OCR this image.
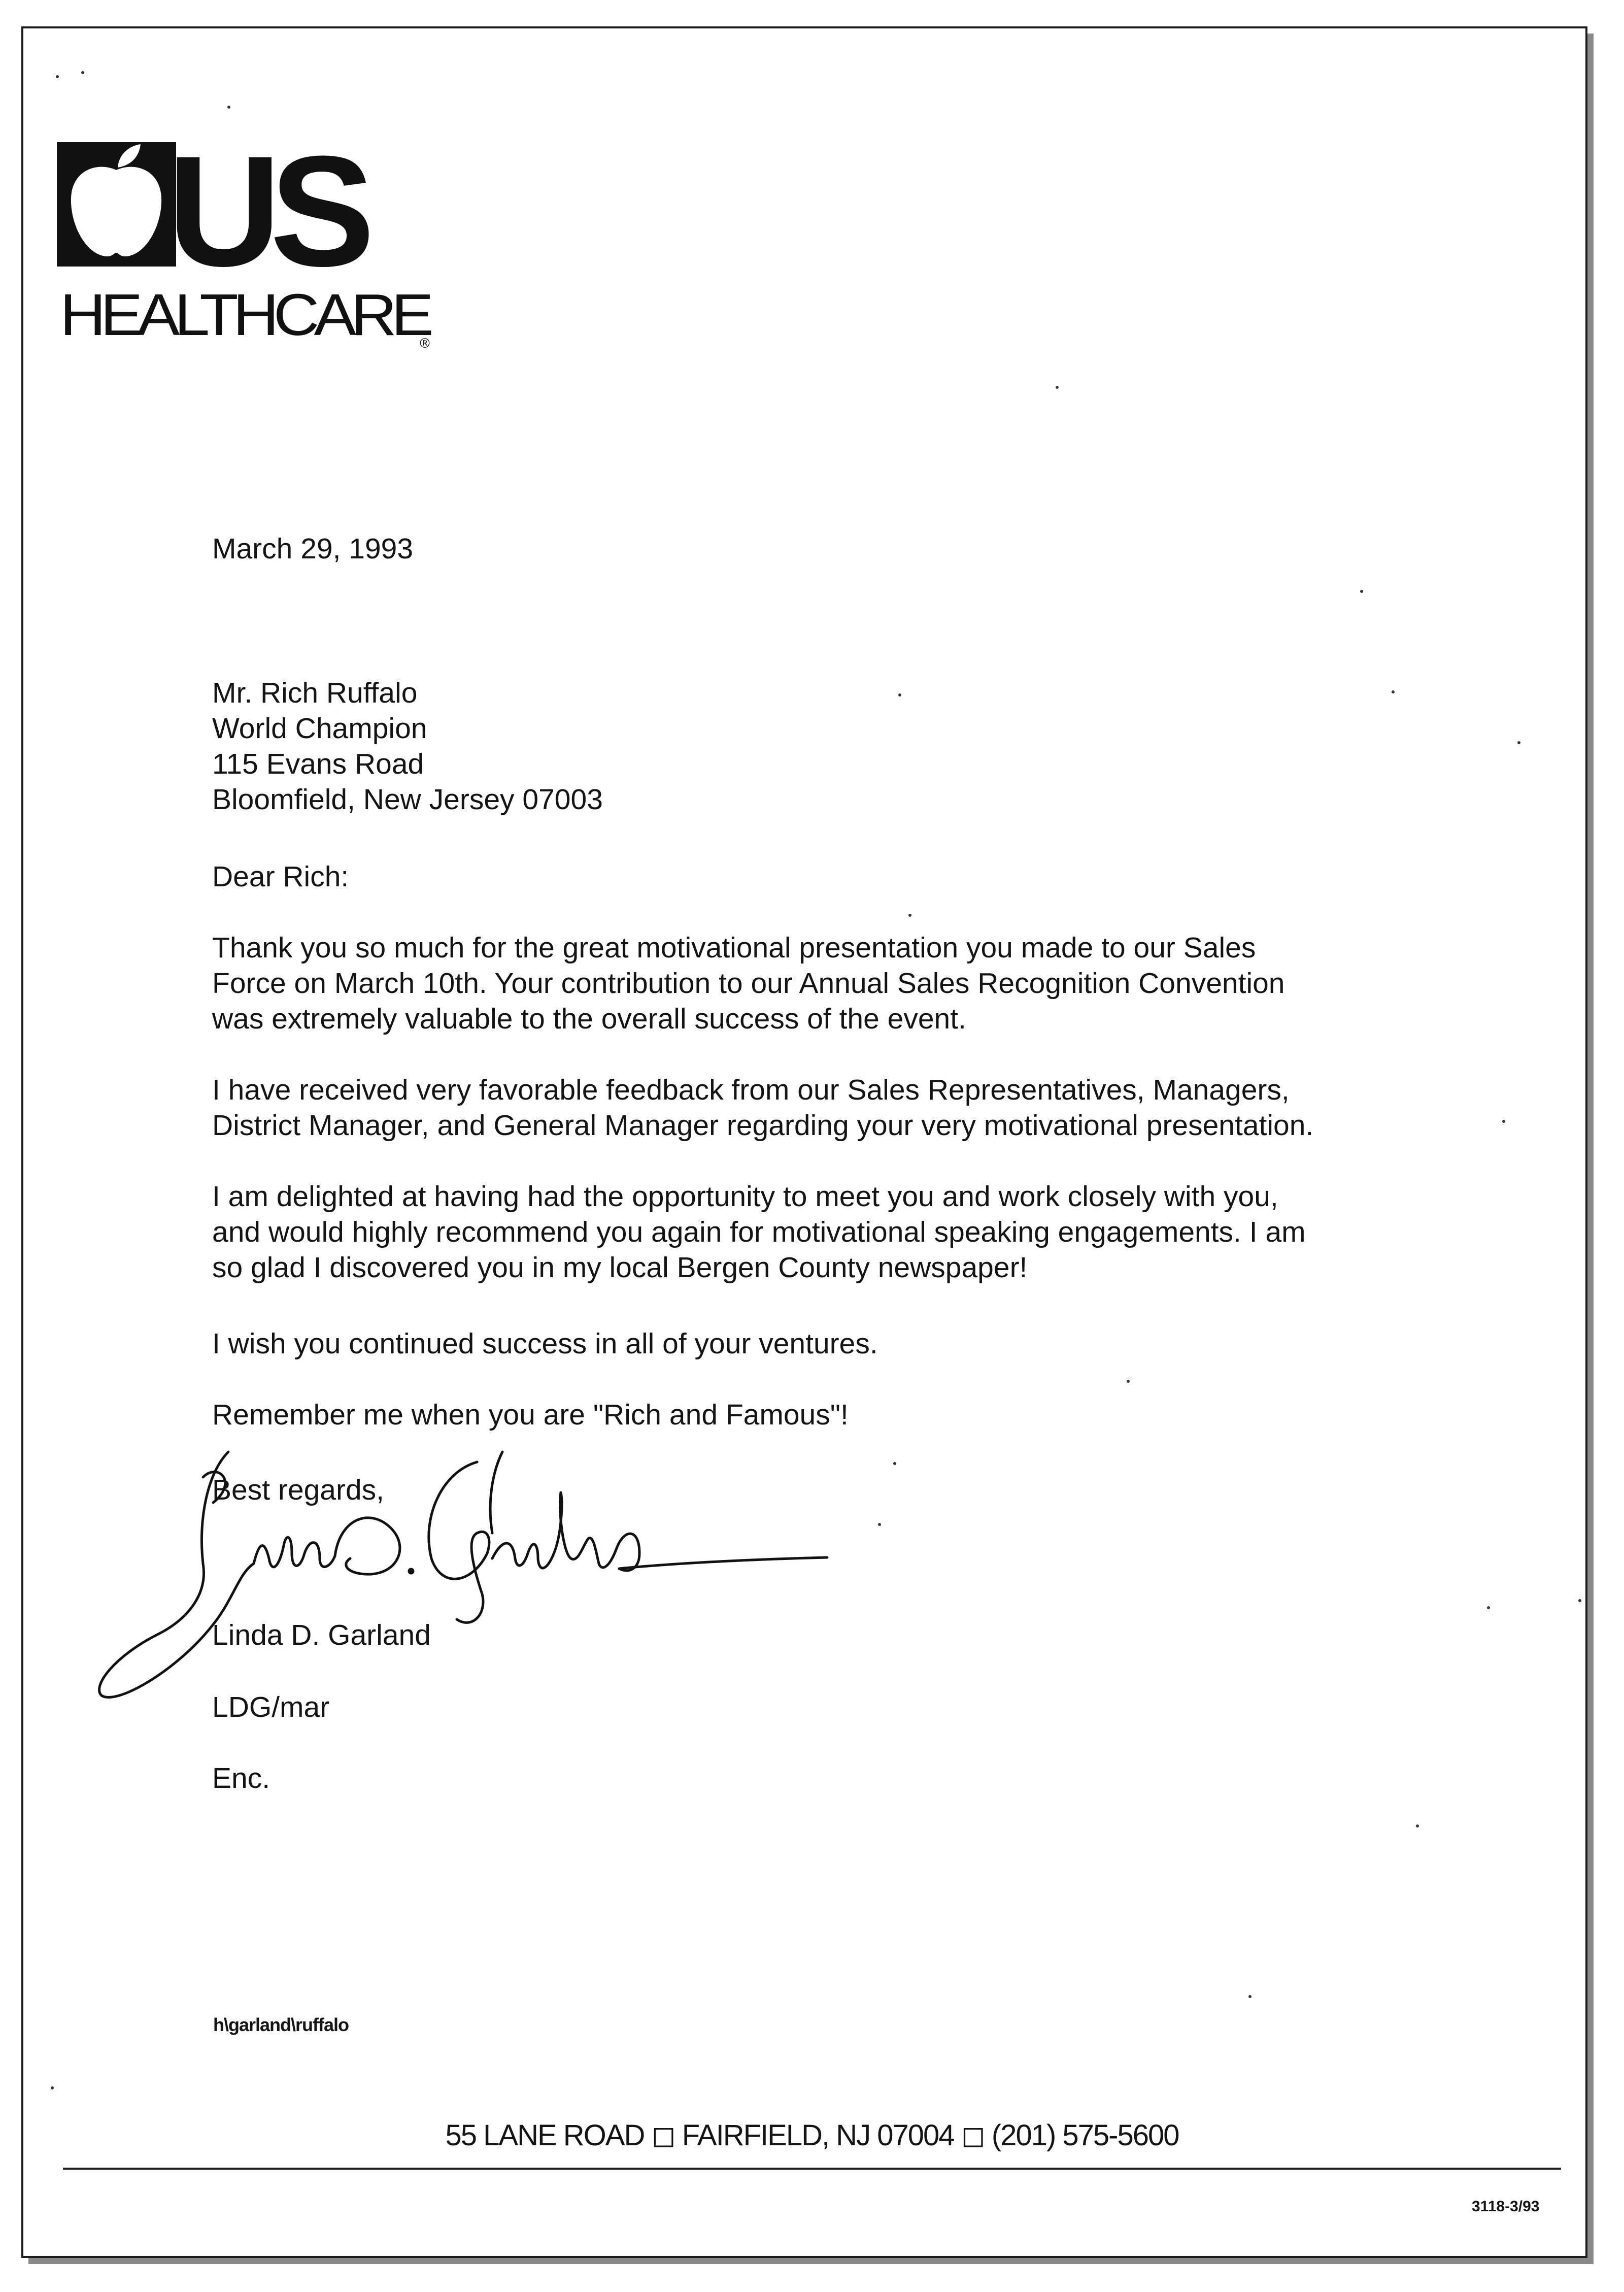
US
HEALTHCARE
®
March 29, 1993
Mr. Rich Ruffalo
World Champion
115 Evans Road
Bloomfield, New Jersey 07003
Dear Rich:
Thank you so much for the great motivational presentation you made to our Sales
Force on March 10th. Your contribution to our Annual Sales Recognition Convention
was extremely valuable to the overall success of the event.
I have received very favorable feedback from our Sales Representatives, Managers,
District Manager, and General Manager regarding your very motivational presentation.
I am delighted at having had the opportunity to meet you and work closely with you,
and would highly recommend you again for motivational speaking engagements. I am
so glad I discovered you in my local Bergen County newspaper!
I wish you continued success in all of your ventures.
Remember me when you are "Rich and Famous"!
Best regards,
Linda D. Garland
LDG/mar
Enc.
h\garland\ruffalo
55 LANE ROAD ◻ FAIRFIELD, NJ 07004 ◻ (201) 575-5600
3118-3/93
